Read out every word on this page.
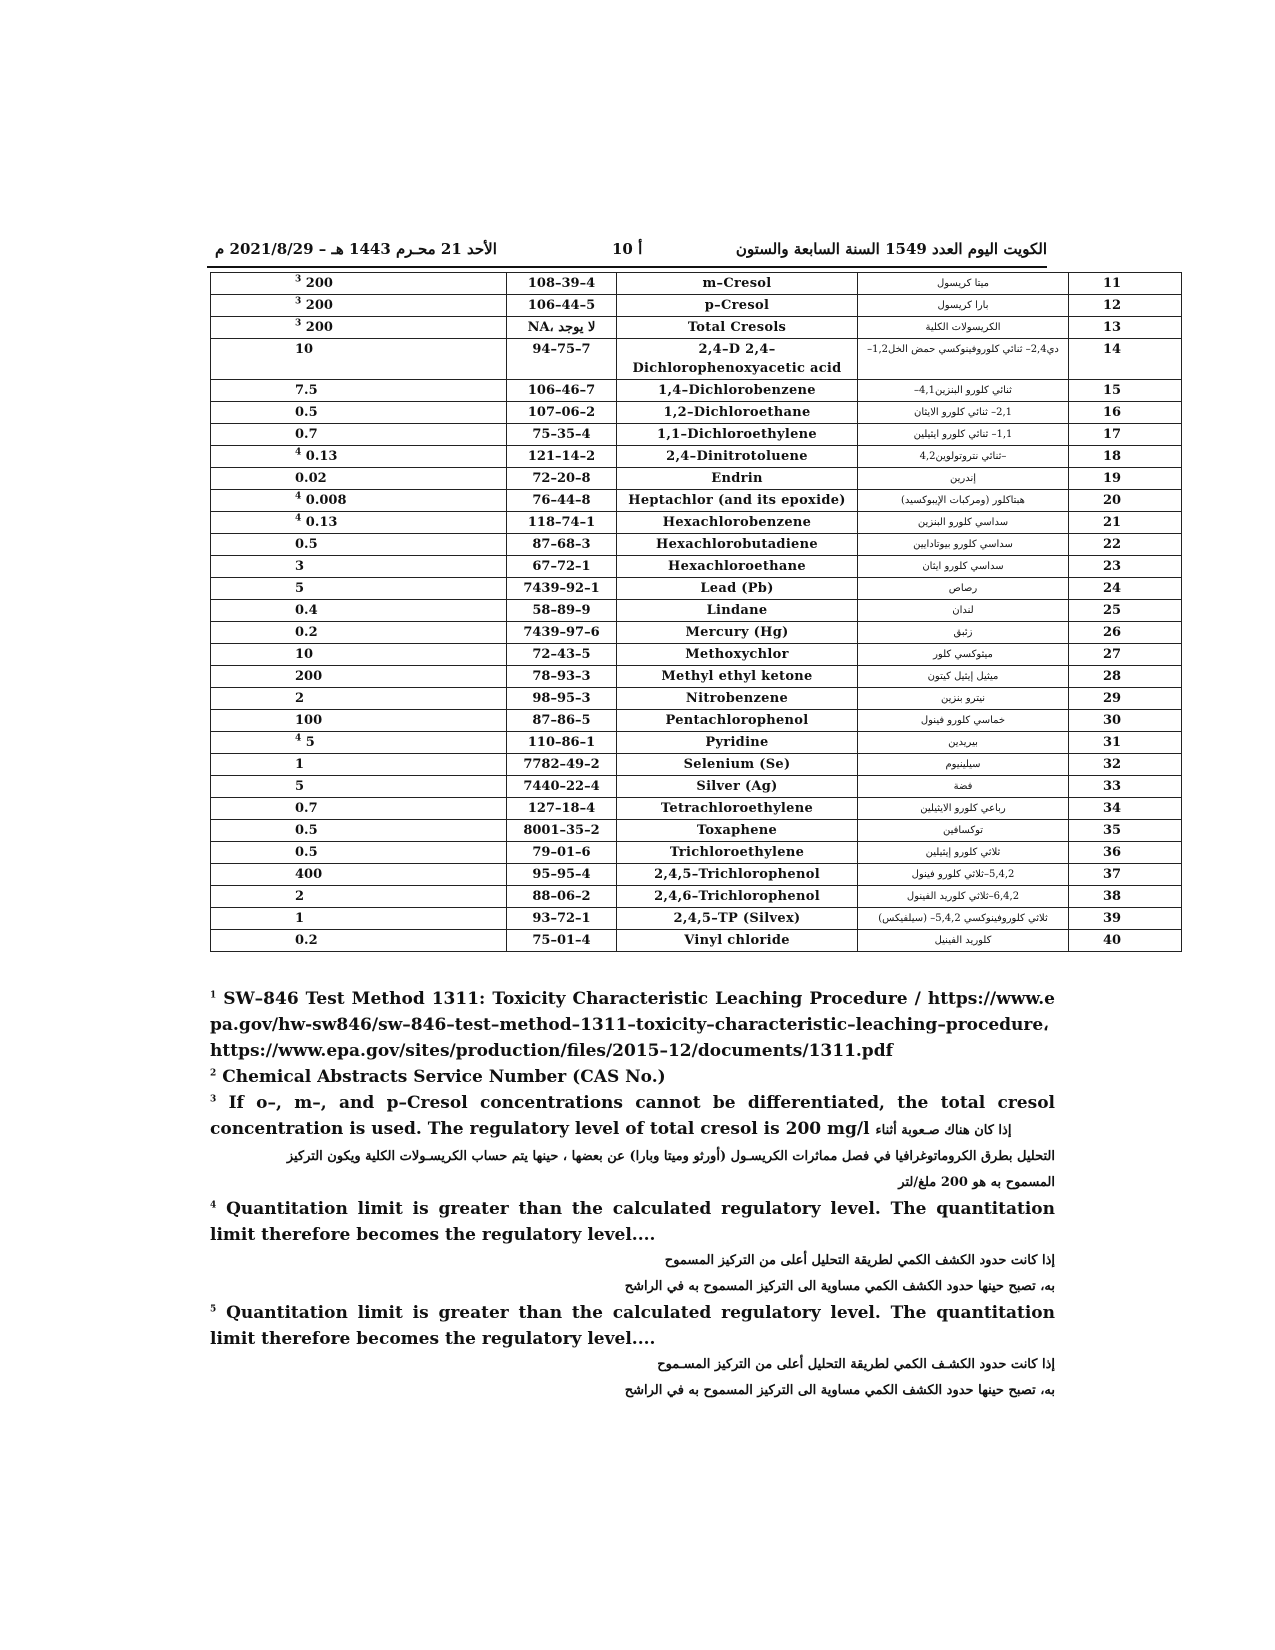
الكويت اليوم العدد 1549 السنة السابعة والستون
10 أ
الأحد 21 محـرم 1443 هـ – 2021/8/29 م
$^3$ 200	108–39–4	m–Cresol	ميتا كريسول	11
$^3$ 200	106–44–5	p–Cresol	بارا كريسول	12
$^3$ 200	NA، لا يوجد	Total Cresols	الكريسولات الكلية	13
10	94–75–7	2,4–D 2,4–Dichlorophenoxyacetic acid	دي2,4– ثنائي كلوروفينوكسي حمض الخل1,2–	14
7.5	106–46–7	1,4–Dichlorobenzene	ثنائي كلورو البنزين4,1–	15
0.5	107–06–2	1,2–Dichloroethane	2,1– ثنائي كلورو الايثان	16
0.7	75–35–4	1,1–Dichloroethylene	1,1– ثنائي كلورو ايثيلين	17
$^4$ 0.13	121–14–2	2,4–Dinitrotoluene	–ثنائي نتروتولوين4,2	18
0.02	72–20–8	Endrin	إندرين	19
$^4$ 0.008	76–44–8	Heptachlor (and its epoxide)	هبتاكلور (ومركبات الإيبوكسيد)	20
$^4$ 0.13	118–74–1	Hexachlorobenzene	سداسي كلورو البنزين	21
0.5	87–68–3	Hexachlorobutadiene	سداسي كلورو بيوتادايين	22
3	67–72–1	Hexachloroethane	سداسي كلورو ايثان	23
5	7439–92–1	Lead (Pb)	رصاص	24
0.4	58–89–9	Lindane	لندان	25
0.2	7439–97–6	Mercury (Hg)	زئبق	26
10	72–43–5	Methoxychlor	ميثوكسي كلور	27
200	78–93–3	Methyl ethyl ketone	ميثيل إيثيل كيتون	28
2	98–95–3	Nitrobenzene	نيترو بنزين	29
100	87–86–5	Pentachlorophenol	خماسي كلورو فينول	30
$^4$ 5	110–86–1	Pyridine	بيريدين	31
1	7782–49–2	Selenium (Se)	سيلينيوم	32
5	7440–22–4	Silver (Ag)	فضة	33
0.7	127–18–4	Tetrachloroethylene	رباعي كلورو الايثيلين	34
0.5	8001–35–2	Toxaphene	توكسافين	35
0.5	79–01–6	Trichloroethylene	ثلاثي كلورو إيثيلين	36
400	95–95–4	2,4,5–Trichlorophenol	5,4,2–ثلاثي كلورو فينول	37
2	88–06–2	2,4,6–Trichlorophenol	6,4,2–ثلاثي كلوريد الفينول	38
1	93–72–1	2,4,5–TP (Silvex)	ثلاثي كلوروفينوكسي 5,4,2– (سيلفيكس)	39
0.2	75–01–4	Vinyl chloride	كلوريد الفينيل	40

$^1$ SW–846 Test Method 1311: Toxicity Characteristic Leaching Procedure / https://www.epa.gov/hw-sw846/sw–846–test–method–1311–toxicity–characteristic–leaching–procedure، https://www.epa.gov/sites/production/files/2015–12/documents/1311.pdf

$^2$ Chemical Abstracts Service Number (CAS No.)

$^3$ If o–, m–, and p–Cresol concentrations cannot be differentiated, the total cresol concentration is used. The regulatory level of total cresol is 200 mg/l إذا كان هناك صـعوبة أثناء

التحليل بطرق الكروماتوغرافيا في فصل مماثرات الكريسـول (أورثو وميتا وبارا) عن بعضها ، حينها يتم حساب الكريسـولات الكلية ويكون التركيز

المسموح به هو 200 ملغ/لتر

$^4$ Quantitation limit is greater than the calculated regulatory level. The quantitation limit therefore becomes the regulatory level....

إذا كانت حدود الكشف الكمي لطريقة التحليل أعلى من التركيز المسموح

به، تصبح حينها حدود الكشف الكمي مساوية الى التركيز المسموح به في الراشح

$^5$ Quantitation limit is greater than the calculated regulatory level. The quantitation limit therefore becomes the regulatory level....

إذا كانت حدود الكشـف الكمي لطريقة التحليل أعلى من التركيز المسـموح

به، تصبح حينها حدود الكشف الكمي مساوية الى التركيز المسموح به في الراشح
